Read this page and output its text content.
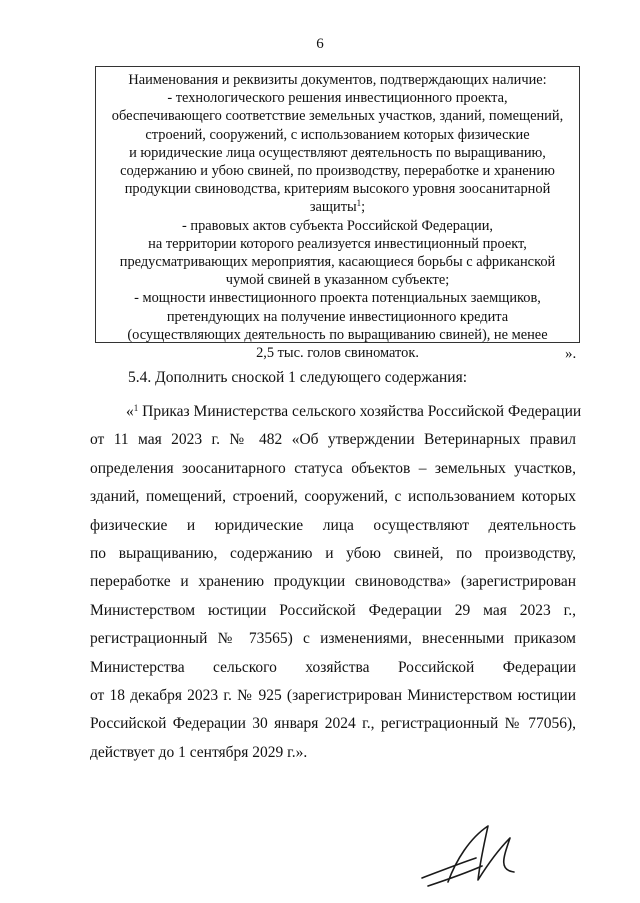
6
Наименования и реквизиты документов, подтверждающих наличие:
- технологического решения инвестиционного проекта,
обеспечивающего соответствие земельных участков, зданий, помещений,
строений, сооружений, с использованием которых физические
и юридические лица осуществляют деятельность по выращиванию,
содержанию и убою свиней, по производству, переработке и хранению
продукции свиноводства, критериям высокого уровня зоосанитарной
защиты$^1$;
- правовых актов субъекта Российской Федерации,
на территории которого реализуется инвестиционный проект,
предусматривающих мероприятия, касающиеся борьбы с африканской
чумой свиней в указанном субъекте;
- мощности инвестиционного проекта потенциальных заемщиков,
претендующих на получение инвестиционного кредита
(осуществляющих деятельность по выращиванию свиней), не менее
2,5 тыс. голов свиноматок.	».
5.4. Дополнить сноской 1 следующего содержания:
«$^1$ Приказ Министерства сельского хозяйства Российской Федерации
от 11 мая 2023 г. № 482 «Об утверждении Ветеринарных правил
определения зоосанитарного статуса объектов – земельных участков,
зданий, помещений, строений, сооружений, с использованием которых
физические и юридические лица осуществляют деятельность
по выращиванию, содержанию и убою свиней, по производству,
переработке и хранению продукции свиноводства» (зарегистрирован
Министерством юстиции Российской Федерации 29 мая 2023 г.,
регистрационный № 73565) с изменениями, внесенными приказом
Министерства сельского хозяйства Российской Федерации
от 18 декабря 2023 г. № 925 (зарегистрирован Министерством юстиции
Российской Федерации 30 января 2024 г., регистрационный № 77056),
действует до 1 сентября 2029 г.».
